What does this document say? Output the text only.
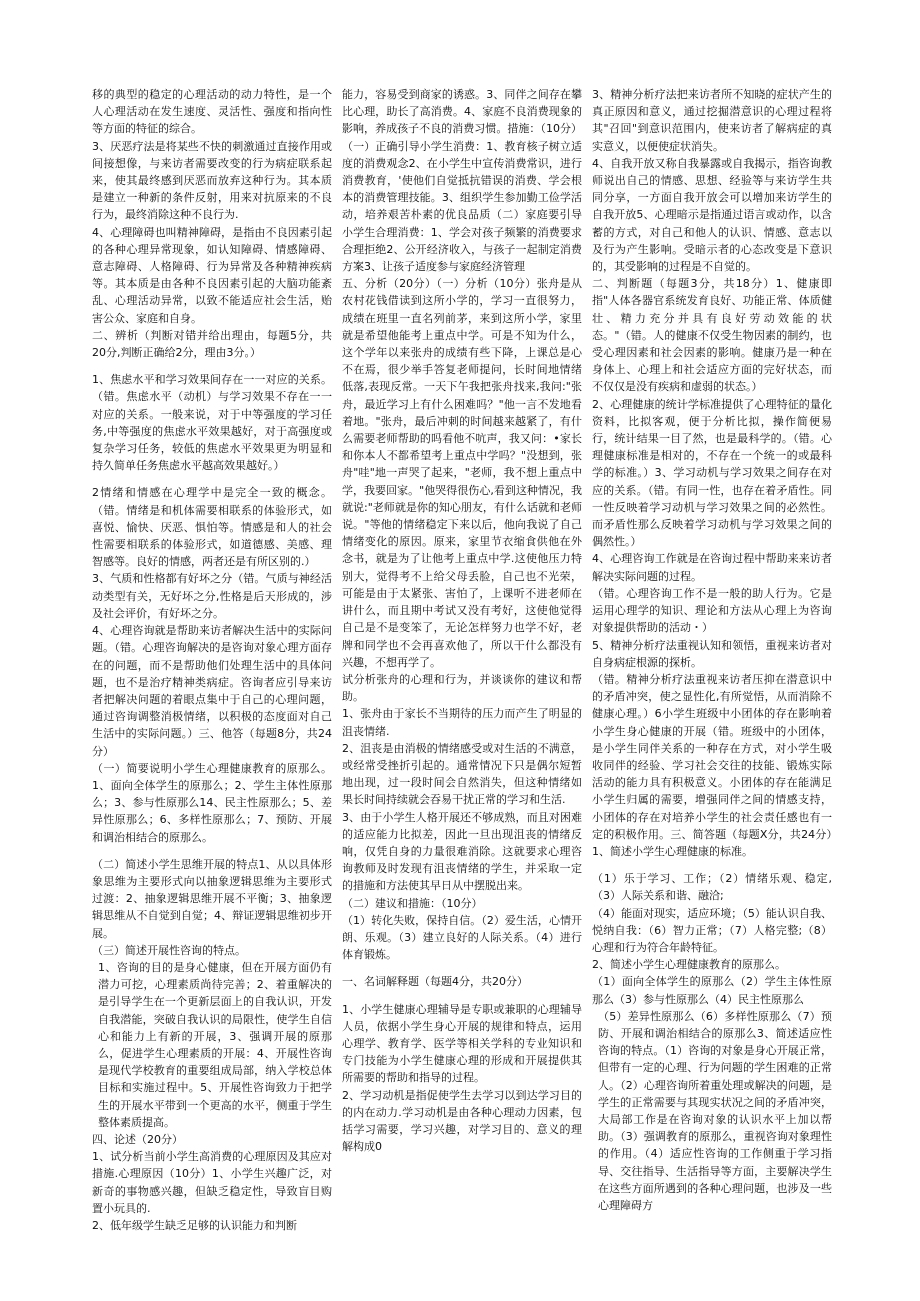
移的典型的稳定的心理活动的动力特性，是一个人心理活动在发生速度、灵活性、强度和指向性等方面的特征的综合。

3、厌恶疗法是将某些不快的刺激通过直接作用或间接想像，与来访者需要改变的行为病症联系起来，使其最终感到厌恶而放弃这种行为。其本质是建立一种新的条件反射，用来对抗原来的不良行为，最终消除这种不良行为.

4、心理障碍也叫精神障碍，是指由不良因素引起的各种心理异常现象，如认知障碍、情感障碍、意志障碍、人格障碍、行为异常及各种精神疾病等。其本质是由各种不良因素引起的大脑功能紊乱、心理活动异常，以致不能适应社会生活，贻害公众、家庭和自身。

二、辨析（判断对错并给出理由，每题5分，共20分,判断正确给2分，理由3分。）

1、焦虑水平和学习效果间存在一一对应的关系。（错。焦虑水平（动机）与学习效果不存在一一对应的关系。一般来说，对于中等强度的学习任务,中等强度的焦虑水平效果越好，对于高强度或复杂学习任务，较低的焦虑水平效果更为明显和持久简单任务焦虑水平越高效果越好。）

2情绪和情感在心理学中是完全一致的概念。（错。情绪是和机体需要相联系的体验形式，如喜悦、愉快、厌恶、惧怕等。情感是和人的社会性需要相联系的体验形式，如道德感、美感、理智感等。良好的情感，两者还是有所区别的.）

3、气质和性格都有好坏之分（错。气质与神经活动类型有关，无好坏之分,性格是后天形成的，涉及社会评价，有好坏之分。

4、心理咨询就是帮助来访者解决生活中的实际问题。（错。心理咨询解决的是咨询对象心理方面存在的问题，而不是帮助他们处理生活中的具体问题，也不是治疗精神类病症。咨询者应引导来访者把解决问题的着眼点集中于自己的心理问题，通过咨询调整消极情绪，以积极的态度面对自己生活中的实际问题。）三、他答（每题8分，共24分）

（一）简要说明小学生心理健康教育的原那么。1、面向全体学生的原那么；2、学生主体性原那么；3、参与性原那么14、民主性原那么；5、差异性原那么；6、多样性原那么；7、预防、开展和调治相结合的原那么。

（二）简述小学生思维开展的特点1、从以具体形象思维为主要形式向以抽象逻辑思维为主要形式过渡：2、抽象逻辑思维开展不平衡；3、抽象逻辑思维从不自觉到自觉；4、辩证逻辑思维初步开展。

（三）简述开展性咨询的特点。

1、咨询的目的是身心健康，但在开展方面仍有潜力可挖，心理素质尚待完善；2、着重解决的是引导学生在一个更新层面上的自我认识，开发自我潜能，突破自我认识的局限性，使学生自信心和能力上有新的开展，3、强调开展的原那么，促进学生心理素质的开展：4、开展性咨询是现代学校教育的重要组成局部，纳入学校总体目标和实施过程中。5、开展性咨询致力于把学生的开展水平带到一个更高的水平，侧重于学生整体素质提高。

四、论述（20分）

1、试分析当前小学生高消费的心理原因及其应对措施.心理原因（10分）1、小学生兴趣广泛，对新奇的事物感兴趣，但缺乏稳定性，导致盲目购置小玩具的.

2、低年级学生缺乏足够的认识能力和判断

能力，容易受到商家的诱惑。3、同伴之间存在攀比心理，助长了高消费。4、家庭不良消费现象的影响，养成孩子不良的消费习惯。措施：（10分）（一）正确引导小学生消费：1、教育核子树立适度的消费观念2、在小学生中宣传消费常识，进行消费教育，'使他们自觉抵抗错误的消费、学会根本的消费管理技能。3、组织学生参加勤工俭学活动，培养艰苦朴素的优良品质（二）家庭要引导小学生合理消费：1、学会对孩子频繁的消费要求合理拒绝2、公开经济收入，与孩子一起制定消费方案3、让孩子适度参与家庭经济管理

五、分析（20分）（一）分析（10分）张舟是从农村花钱借读到这所小学的，学习一直很努力，成绩在班里一直名列前茅，来到这所小学，家里就是希望他能考上重点中学。可是不知为什么，这个学年以来张舟的成绩有些下降，上课总是心不在焉，很少举手答复老师提问，长时间地情绪低落,表现反常。一天下午我把张舟找来,我问:"张舟，最近学习上有什么困难吗？"他一言不发地看着地。"张舟，最后冲刺的时间越来越紧了，有什么需要老师帮助的吗看他不吭声，我又问：•家长和你本人不都希望考上重点中学吗？"没想到，张舟"哇"地一声哭了起来，"老师，我不想上重点中学，我要回家。"他哭得很伤心,看到这种情况，我就说:"老师就是你的知心朋友，有什么话就和老师说。"等他的情绪稳定下来以后，他向我说了自己情绪变化的原因。原来，家里节衣缩食供他在外念书，就是为了让他考上重点中学.这使他压力特别大，觉得考不上给父母丢脸，自己也不光荣，可能是由于太紧张、害怕了，上课听不进老师在讲什么，而且期中考试又没有考好，这使他觉得自己是不是变笨了，无论怎样努力也学不好，老牌和同学也不会再喜欢他了，所以干什么都没有兴趣，不想再学了。

试分析张舟的心理和行为，并谈谈你的建议和帮助。

1、张舟由于家长不当期待的压力而产生了明显的沮丧情绪.

2、沮丧是由消极的情绪感受或对生活的不满意，或经常受挫折引起的。通常情况下只是偶尔短暂地出现，过一段时间会自然消失，但这种情绪如果长时间持续就会吞易干扰正常的学习和生活.

3、由于小学生人格开展还不够成熟，而且对困难的适应能力比拟差，因此一旦出现沮丧的情绪反响，仅凭自身的力量很难消除。这就要求心理咨询教师及时发现有沮丧情绪的学生，并采取一定的措施和方法使其早日从中摆脱出来。

（二）建议和措施：（10分）

（1）转化失败，保持自信。（2）爱生活，心情开朗、乐观。（3）建立良好的人际关系。（4）进行体育锻炼。

一、名词解释题（每题4分，共20分）

1、小学生健康心理辅导是专职或兼职的心理辅导人员，依据小学生身心开展的规律和特点，运用心理学、教育学、医学等相关学科的专业知识和专门技能为小学生健康心理的形成和开展提供其所需要的帮助和指导的过程。

2、学习动机是指促使学生去学习以到达学习目的的内在动力.学习动机是由各种心理动力因素，包括学习需要，学习兴趣，对学习目的、意义的理解构成0

3、精神分析疗法把来访者所不知晓的症状产生的真正原因和意义，通过挖掘潜意识的心理过程将其"召回"到意识范围内，使来访者了解病症的真实意义，以便使症状消失。

4、自我开放又称自我暴露或自我揭示，指咨询教师说出自己的情感、思想、经验等与来访学生共同分享，一方面自我开放会可以增加来访学生的自我开放5、心理暗示是指通过语言或动作，以含蓄的方式，对自己和他人的认识、情感、意志以及行为产生影响。受暗示者的心态改变是下意识的，其受影响的过程是不自觉的。

二、判断题（每题3分，共18分）1、健康即指"人体各器官系统发育良好、功能正常、体质健壮、精力充分并具有良好劳动效能的状态。"（错。人的健康不仅受生物因素的制约，也受心理因素和社会因素的影响。健康乃是一种在身体上、心理上和社会适应方面的完好状态，而不仅仅是没有疾病和虚弱的状态。）

2、心理健康的统计学标准提供了心理特征的量化资料，比拟客观，便于分析比拟，操作简便易行，统计结果一目了然，也是最科学的。（错。心理健康标准是相对的，不存在一个统一的或最科学的标准。）3、学习动机与学习效果之间存在对应的关系。（错。有同一性，也存在着矛盾性。同一性反映着学习动机与学习效果之间的必然性。而矛盾性那么反映着学习动机与学习效果之间的偶然性。）

4、心理咨询工作就是在咨询过程中帮助来来访者解决实际问题的过程。

（错。心理咨询工作不是一般的助人行为。它是运用心理学的知识、理论和方法从心理上为咨询对象提供帮助的活动・）

5、精神分析疗法重视认知和领悟，重视来访者对自身病症根源的探析。

（错。精神分析疗法重视来访者压抑在潜意识中的矛盾冲突，使之显性化,有所觉悟，从而消除不健康心理。）6小学生班级中小团体的存在影响着小学生身心健康的开展（错。班级中的小团体，是小学生同伴关系的一种存在方式，对小学生吸收同伴的经验、学习社会交往的技能、锻炼实际活动的能力具有积极意义。小团体的存在能满足小学生归属的需要，增强同伴之间的情感支持，小团体的存在对培养小学生的社会责任感也有一定的积极作用。三、简答题（每题X分，共24分）1、简述小学生心理健康的标准。

（1）乐于学习、工作；（2）情绪乐观、稳定,（3）人际关系和谐、融洽;

（4）能面对现实，适应环境；（5）能认识自我、悦纳自我：（6）智力正常；（7）人格完整;（8）心理和行为符合年龄特征。

2、简述小学生心理健康教育的原那么。

（1）面向全体学生的原那么（2）学生主体性原那么（3）参与性原那么（4）民主性原那么

（5）差异性原那么（6）多样性原那么（7）预防、开展和调治相结合的原那么3、简述适应性咨询的特点。（1）咨询的对象是身心开展正常，但带有一定的心理、行为问题的学生困难的正常人。（2）心理咨询所着重处理或解决的问题，是学生的正常需要与其现实状况之间的矛盾冲突，大局部工作是在咨询对象的认识水平上加以帮助。（3）强调教育的原那么，重视咨询对象理性的作用。（4）适应性咨询的工作侧重于学习指导、交往指导、生活指导等方面，主要解决学生在这些方面所遇到的各种心理问题，也涉及一些心理障碍方
